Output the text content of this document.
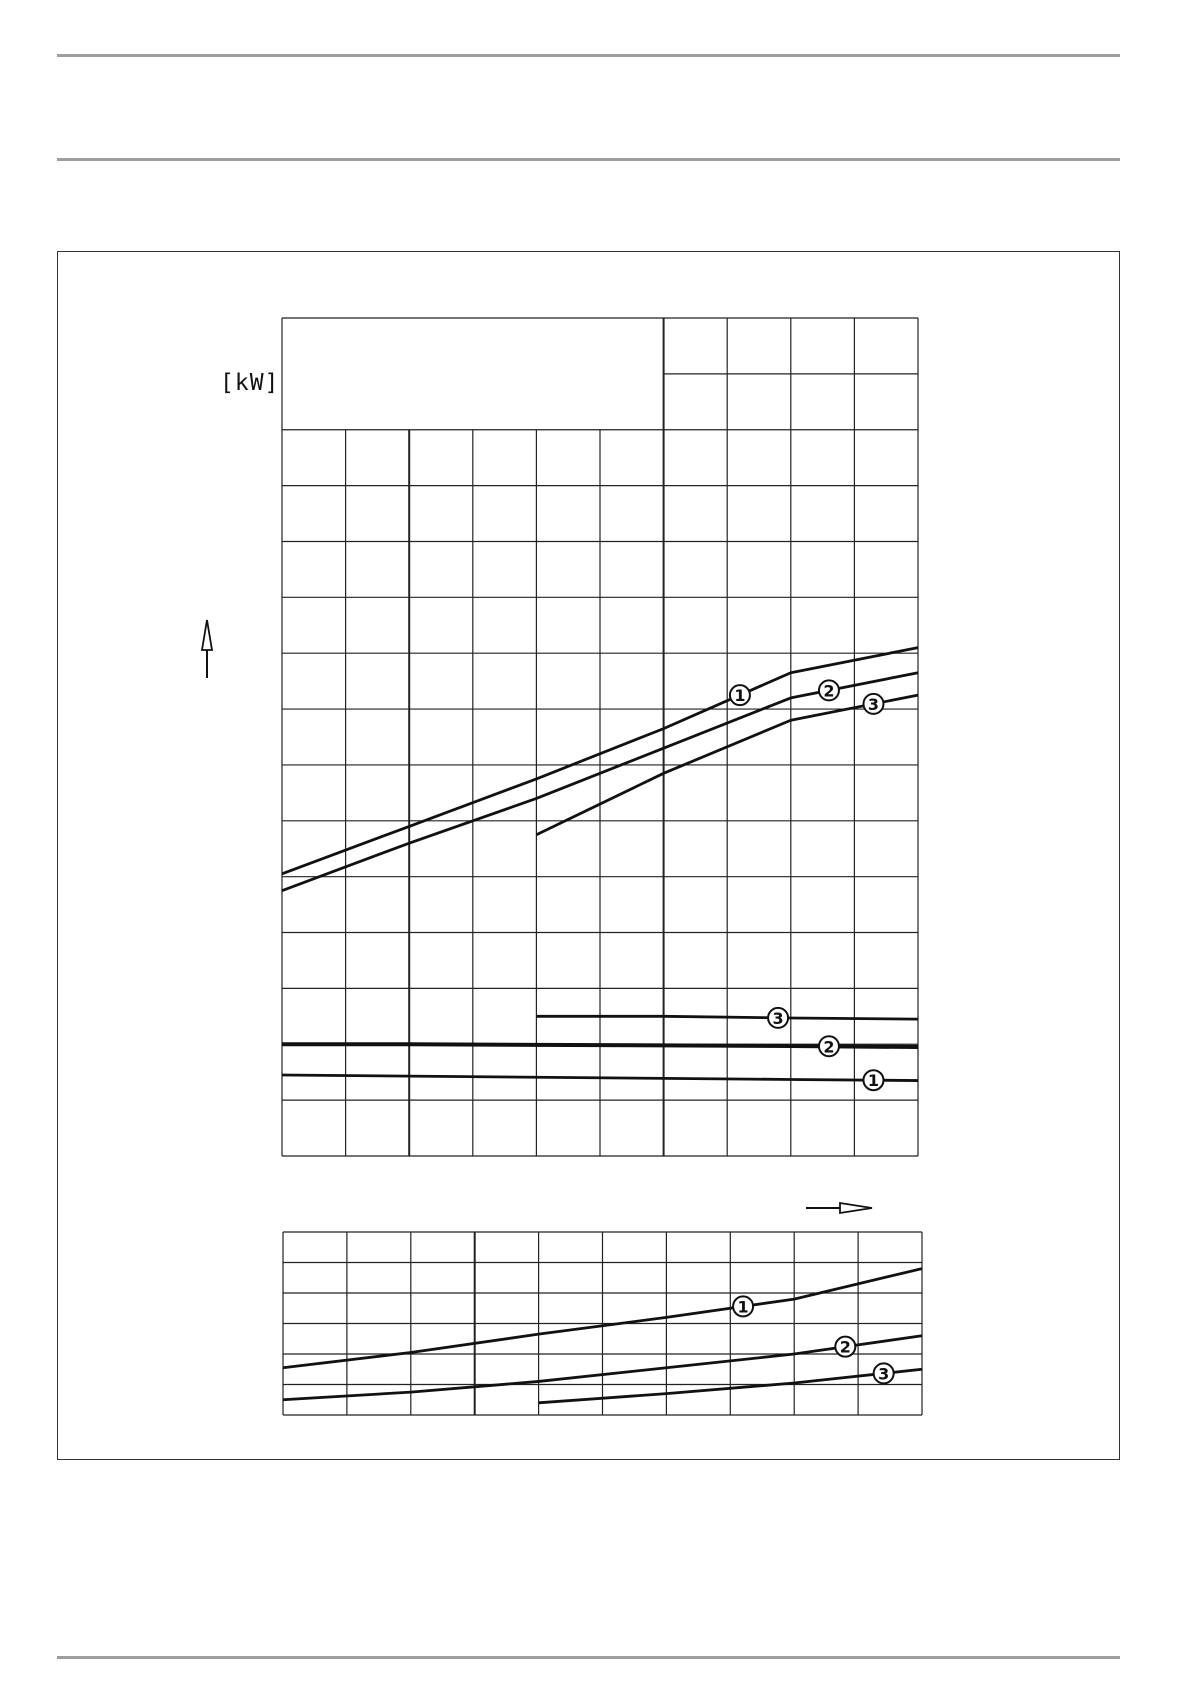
[kW]
1	2
3
3
2
1
1
2
3
